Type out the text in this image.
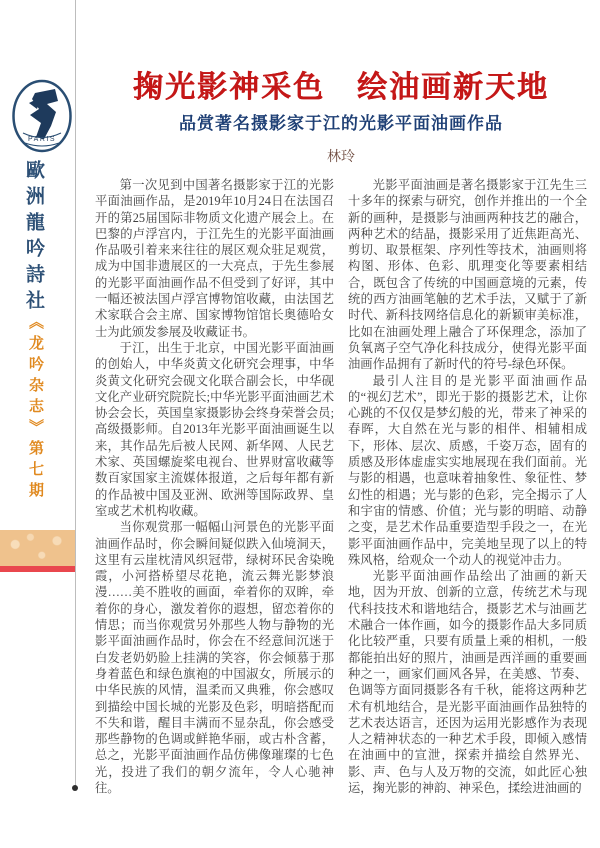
PARIS
歐洲龍吟詩社
《龙吟杂志》第七期
掬光影神采色　绘油画新天地
品赏著名摄影家于江的光影平面油画作品
林玲

第一次见到中国著名摄影家于江的光影平面油画作品，是2019年10月24日在法国召开的第25届国际非物质文化遗产展会上。在巴黎的卢浮宫内，于江先生的光影平面油画作品吸引着来来往往的展区观众驻足观赏，成为中国非遗展区的一大亮点，于先生参展的光影平面油画作品不但受到了好评，其中一幅还被法国卢浮宫博物馆收藏，由法国艺术家联合会主席、国家博物馆馆长奥德哈女士为此颁发参展及收藏证书。

于江，出生于北京，中国光影平面油画的创始人，中华炎黄文化研究会理事，中华炎黄文化研究会砚文化联合副会长，中华砚文化产业研究院院长;中华光影平面油画艺术协会会长，英国皇家摄影协会终身荣誉会员;高级摄影师。自2013年光影平面油画诞生以来，其作品先后被人民网、新华网、人民艺术家、英国螺旋桨电视台、世界财富收藏等数百家国家主流媒体报道，之后每年都有新的作品被中国及亚洲、欧洲等国际政界、皇室或艺术机构收藏。

当你观赏那一幅幅山河景色的光影平面油画作品时，你会瞬间疑似跌入仙境洞天，这里有云崖枕清风织冠带，绿树环民舍染晚霞，小河搭桥望尽花艳，流云舞光影梦浪漫……美不胜收的画面，牵着你的双眸，牵着你的身心，激发着你的遐想，留恋着你的情思；而当你观赏另外那些人物与静物的光影平面油画作品时，你会在不经意间沉迷于白发老奶奶脸上挂满的笑容，你会倾慕于那身着蓝色和绿色旗袍的中国淑女，所展示的中华民族的风情，温柔而又典雅，你会感叹到描绘中国长城的光影及色彩，明暗搭配而不失和谐，醒目丰满而不显杂乱，你会感受那些静物的色调或鲜艳华丽，或古朴含蓄，总之，光影平面油画作品仿佛像璀璨的七色光，投进了我们的朝夕流年，令人心驰神往。

光影平面油画是著名摄影家于江先生三十多年的探索与研究，创作并推出的一个全新的画种，是摄影与油画两种技艺的融合，两种艺术的结晶，摄影采用了近焦距高光、剪切、取景框架、序列性等技术，油画则将构图、形体、色彩、肌理变化等要素相结合，既包含了传统的中国画意境的元素，传统的西方油画笔触的艺术手法，又赋于了新时代、新科技网络信息化的新颖审美标准，比如在油画处理上融合了环保理念，添加了负氧离子空气净化科技成分，使得光影平面油画作品拥有了新时代的符号-绿色环保。

最引人注目的是光影平面油画作品的“视幻艺术”，即光于影的摄影艺术，让你心跳的不仅仅是梦幻般的光，带来了神采的春晖，大自然在光与影的相伴、相辅相成下，形体、层次、质感，千姿万态，固有的质感及形体虚虚实实地展现在我们面前。光与影的相遇，也意味着抽象性、象征性、梦幻性的相遇；光与影的色彩，完全揭示了人和宇宙的情感、价值；光与影的明暗、动静之变，是艺术作品重要造型手段之一，在光影平面油画作品中，完美地呈现了以上的特殊风格，给观众一个动人的视觉冲击力。

光影平面油画作品绘出了油画的新天地，因为开放、创新的立意，传统艺术与现代科技技术和谐地结合，摄影艺术与油画艺术融合一体作画，如今的摄影作品大多同质化比较严重，只要有质量上乘的相机，一般都能拍出好的照片，油画是西洋画的重要画种之一，画家们画风各异，在美感、节奏、色调等方面同摄影各有千秋，能将这两种艺术有机地结合，是光影平面油画作品独特的艺术表达语言，还因为运用光影感作为表现人之精神状态的一种艺术手段，即倾入感情在油画中的宣泄，探索并描绘自然界光、影、声、色与人及万物的交流，如此匠心独运，掬光影的神韵、神采色，揉绘进油画的
